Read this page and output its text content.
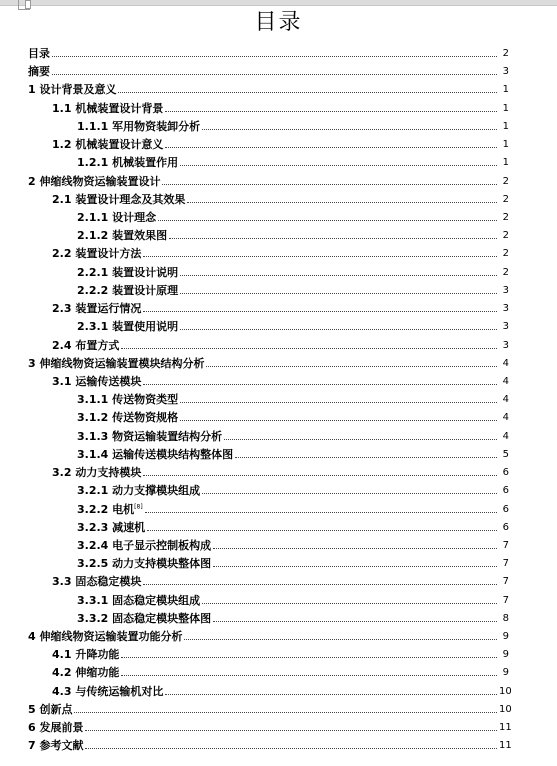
目录
目录	2
摘要	3
1 设计背景及意义	1
1.1 机械装置设计背景	1
1.1.1 军用物资装卸分析	1
1.2 机械装置设计意义	1
1.2.1 机械装置作用	1
2 伸缩线物资运输装置设计	2
2.1 装置设计理念及其效果	2
2.1.1 设计理念	2
2.1.2 装置效果图	2
2.2 装置设计方法	2
2.2.1 装置设计说明	2
2.2.2 装置设计原理	3
2.3 装置运行情况	3
2.3.1 装置使用说明	3
2.4 布置方式	3
3 伸缩线物资运输装置模块结构分析	4
3.1 运输传送模块	4
3.1.1 传送物资类型	4
3.1.2 传送物资规格	4
3.1.3 物资运输装置结构分析	4
3.1.4 运输传送模块结构整体图	5
3.2 动力支持模块	6
3.2.1 动力支撑模块组成	6
3.2.2 电机[8]	6
3.2.3 减速机	6
3.2.4 电子显示控制板构成	7
3.2.5 动力支持模块整体图	7
3.3 固态稳定模块	7
3.3.1 固态稳定模块组成	7
3.3.2 固态稳定模块整体图	8
4 伸缩线物资运输装置功能分析	9
4.1 升降功能	9
4.2 伸缩功能	9
4.3 与传统运输机对比	10
5 创新点	10
6 发展前景	11
7 参考文献	11
